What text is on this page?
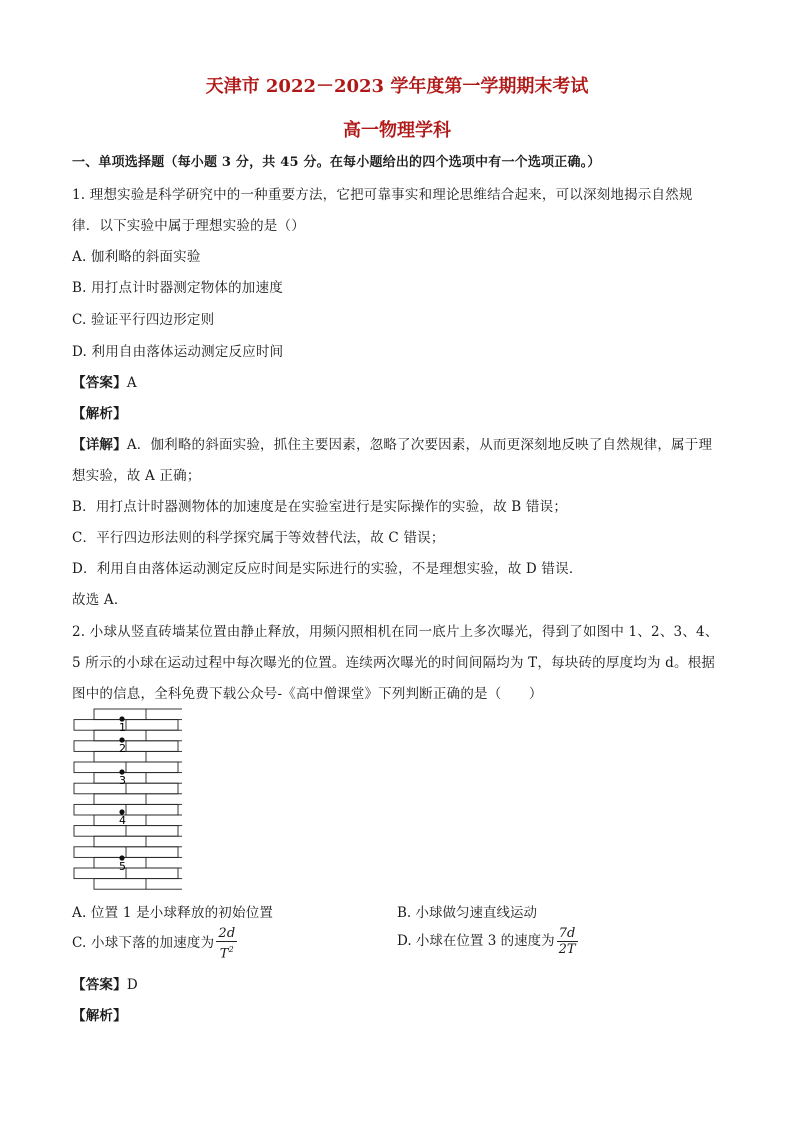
天津市 2022－2023 学年度第一学期期末考试
高一物理学科
一、单项选择题（每小题 3 分，共 45 分。在每小题给出的四个选项中有一个选项正确。）
1. 理想实验是科学研究中的一种重要方法，它把可靠事实和理论思维结合起来，可以深刻地揭示自然规
律．以下实验中属于理想实验的是（）
A. 伽利略的斜面实验
B. 用打点计时器测定物体的加速度
C. 验证平行四边形定则
D. 利用自由落体运动测定反应时间
【答案】A
【解析】
【详解】A．伽利略的斜面实验，抓住主要因素，忽略了次要因素，从而更深刻地反映了自然规律，属于理
想实验，故 A 正确；
B．用打点计时器测物体的加速度是在实验室进行是实际操作的实验，故 B 错误；
C．平行四边形法则的科学探究属于等效替代法，故 C 错误；
D．利用自由落体运动测定反应时间是实际进行的实验，不是理想实验，故 D 错误．
故选 A．
2. 小球从竖直砖墙某位置由静止释放，用频闪照相机在同一底片上多次曝光，得到了如图中 1、2、3、4、
5 所示的小球在运动过程中每次曝光的位置。连续两次曝光的时间间隔均为 T，每块砖的厚度均为 d。根据
图中的信息，全科免费下载公众号-《高中僧课堂》下列判断正确的是（　　）
1
2
3
4
5
A. 位置 1 是小球释放的初始位置	B. 小球做匀速直线运动
C. 小球下落的加速度为 $\frac{2d}{T^2}$	D. 小球在位置 3 的速度为 $\frac{7d}{2T}$
【答案】D
【解析】
